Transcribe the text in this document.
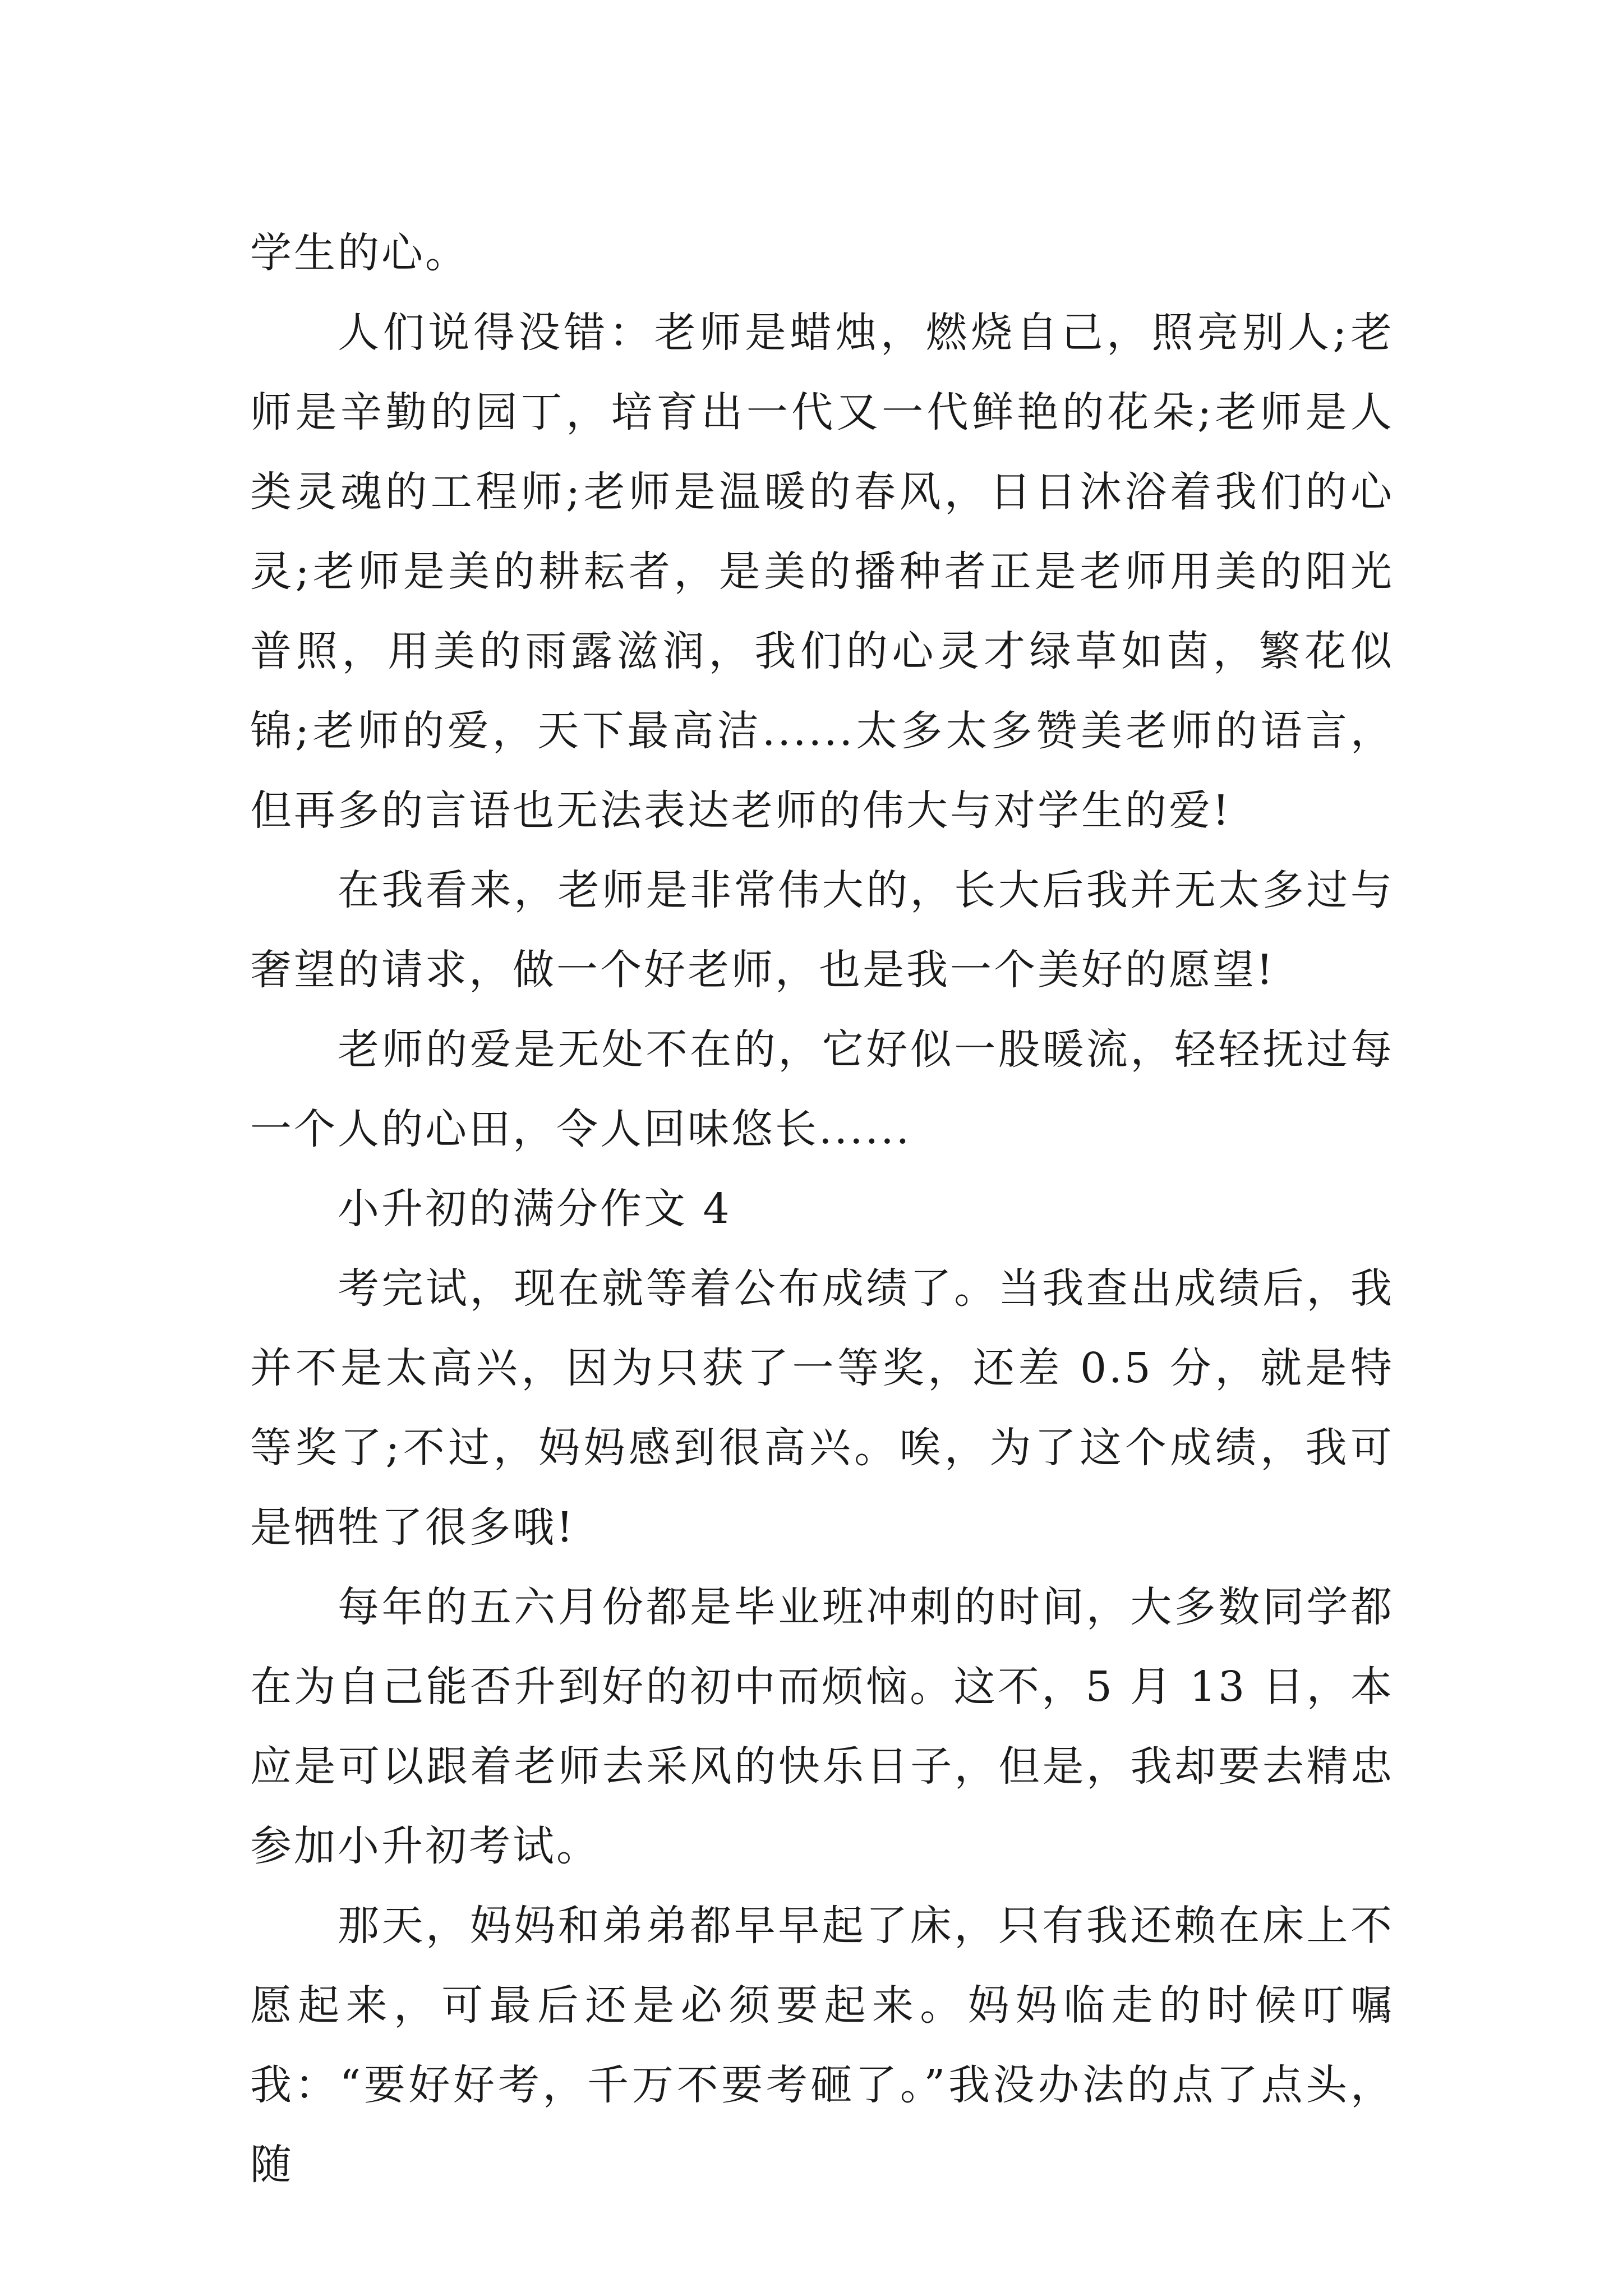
学生的心。

人们说得没错：老师是蜡烛，燃烧自己，照亮别人;老师是辛勤的园丁，培育出一代又一代鲜艳的花朵;老师是人类灵魂的工程师;老师是温暖的春风，日日沐浴着我们的心灵;老师是美的耕耘者，是美的播种者正是老师用美的阳光普照，用美的雨露滋润，我们的心灵才绿草如茵，繁花似锦;老师的爱，天下最高洁......太多太多赞美老师的语言，但再多的言语也无法表达老师的伟大与对学生的爱!

在我看来，老师是非常伟大的，长大后我并无太多过与奢望的请求，做一个好老师，也是我一个美好的愿望!

老师的爱是无处不在的，它好似一股暖流，轻轻抚过每一个人的心田，令人回味悠长......

小升初的满分作文 4

考完试，现在就等着公布成绩了。当我查出成绩后，我并不是太高兴，因为只获了一等奖，还差 0.5 分，就是特等奖了;不过，妈妈感到很高兴。唉，为了这个成绩，我可是牺牲了很多哦!

每年的五六月份都是毕业班冲刺的时间，大多数同学都在为自己能否升到好的初中而烦恼。这不，5 月 13 日，本应是可以跟着老师去采风的快乐日子，但是，我却要去精忠参加小升初考试。

那天，妈妈和弟弟都早早起了床，只有我还赖在床上不愿起来，可最后还是必须要起来。妈妈临走的时候叮嘱我：“要好好考，千万不要考砸了。”我没办法的点了点头，随
